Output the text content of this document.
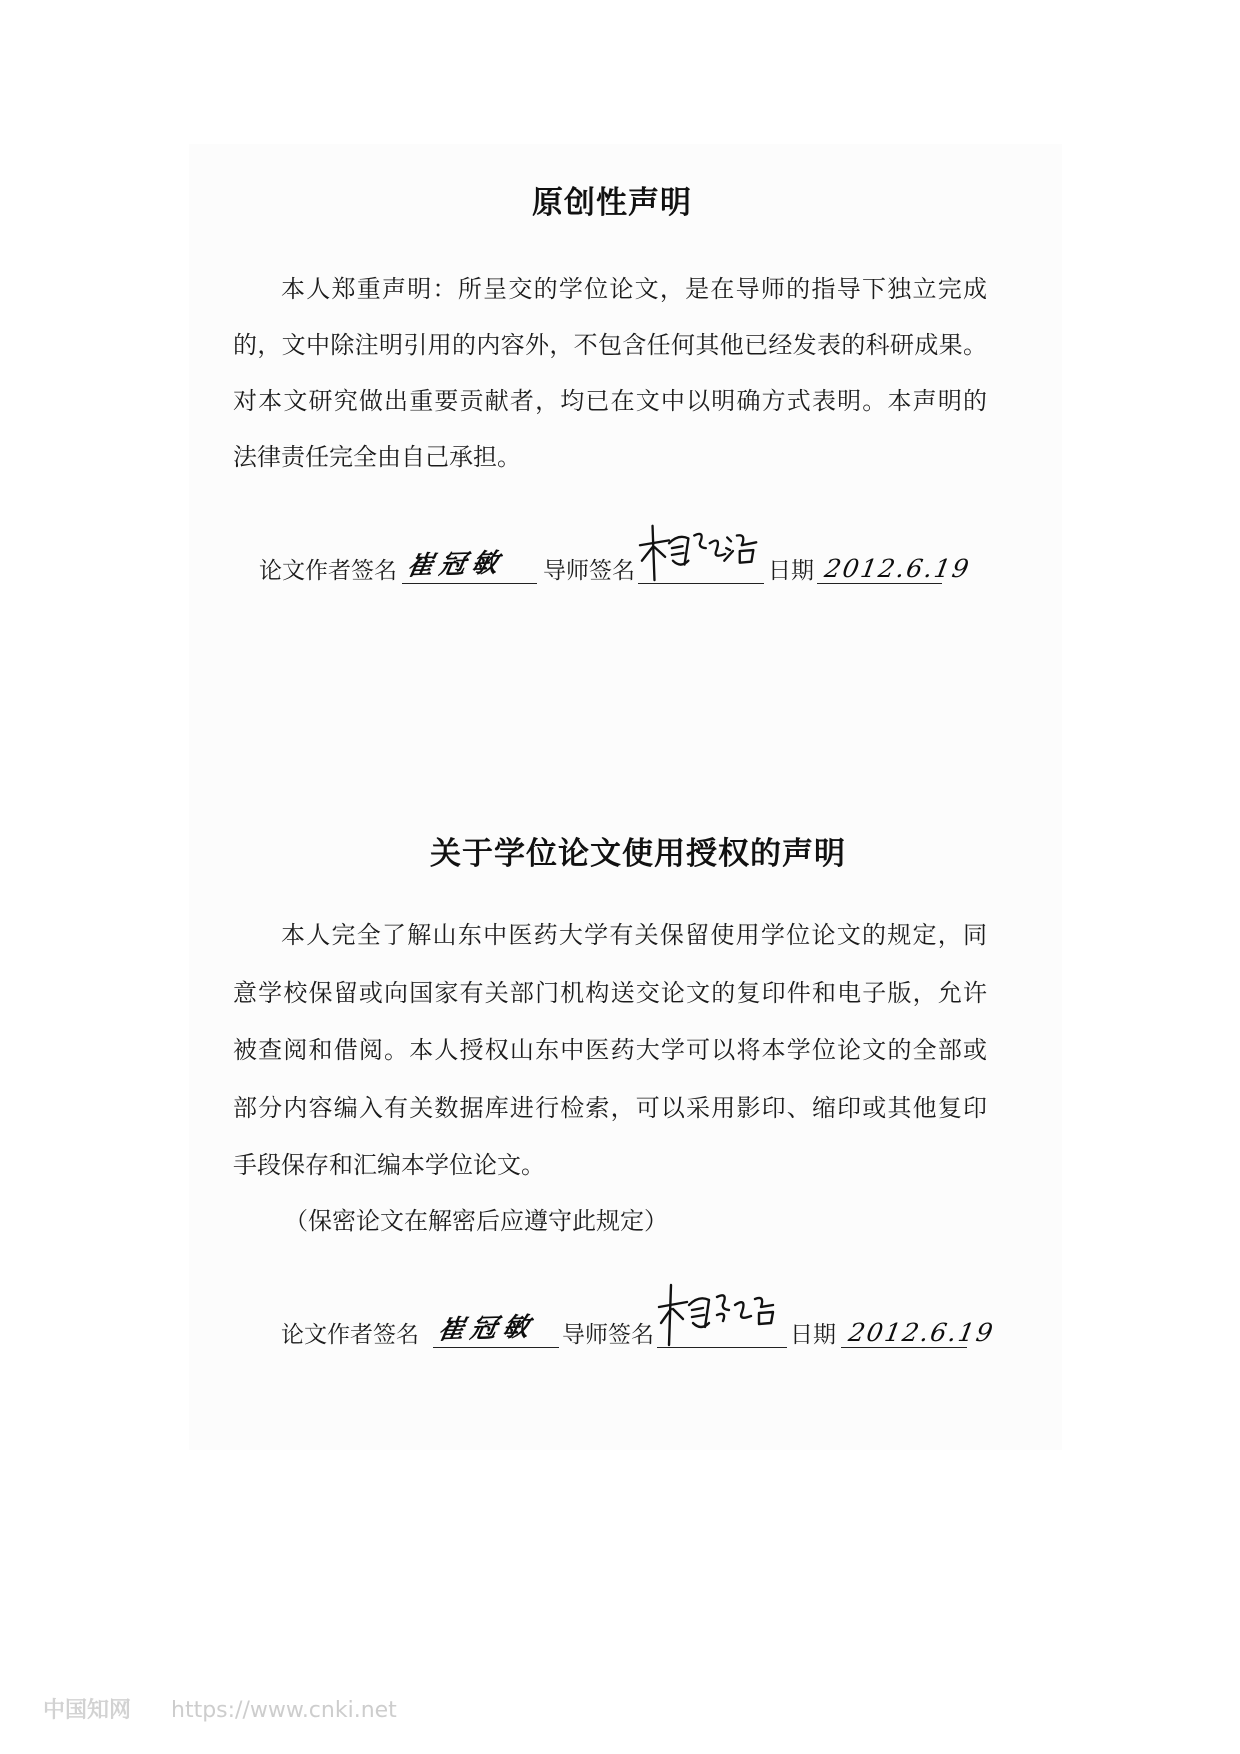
原创性声明
本人郑重声明：所呈交的学位论文，是在导师的指导下独立完成
的，文中除注明引用的内容外，不包含任何其他已经发表的科研成果。
对本文研究做出重要贡献者，均已在文中以明确方式表明。本声明的
法律责任完全由自己承担。
论文作者签名 崔冠敏 导师签名	日期 2012.6.19
关于学位论文使用授权的声明
本人完全了解山东中医药大学有关保留使用学位论文的规定，同
意学校保留或向国家有关部门机构送交论文的复印件和电子版，允许
被查阅和借阅。本人授权山东中医药大学可以将本学位论文的全部或
部分内容编入有关数据库进行检索，可以采用影印、缩印或其他复印
手段保存和汇编本学位论文。
（保密论文在解密后应遵守此规定）
论文作者签名 崔冠敏 导师签名	日期 2012.6.19
中国知网 https://www.cnki.net
